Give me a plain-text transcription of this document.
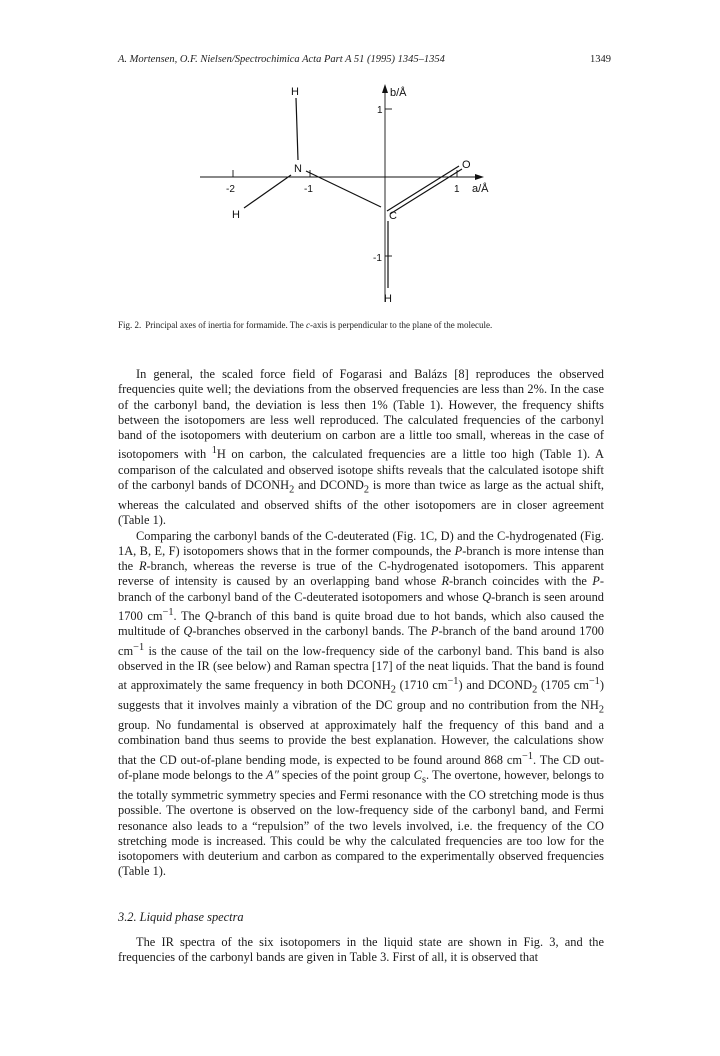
A. Mortensen, O.F. Nielsen/Spectrochimica Acta Part A 51 (1995) 1345–1354	1349
b/Å
1
-1
-2	-1	1 a/Å
H
N	O
H	C
H
Fig. 2. Principal axes of inertia for formamide. The c-axis is perpendicular to the plane of the molecule.

In general, the scaled force field of Fogarasi and Balázs [8] reproduces the observed frequencies quite well; the deviations from the observed frequencies are less than 2%. In the case of the carbonyl band, the deviation is less then 1% (Table 1). However, the frequency shifts between the isotopomers are less well reproduced. The calculated frequencies of the carbonyl band of the isotopomers with deuterium on carbon are a little too small, whereas in the case of isotopomers with $^1$H on carbon, the calculated frequencies are a little too high (Table 1). A comparison of the calculated and observed isotope shifts reveals that the calculated isotope shift of the carbonyl bands of $DCONH_2$ and $DCOND_2$ is more than twice as large as the actual shift, whereas the calculated and observed shifts of the other isotopomers are in closer agreement (Table 1).

Comparing the carbonyl bands of the C-deuterated (Fig. 1C, D) and the C-hydrogenated (Fig. 1A, B, E, F) isotopomers shows that in the former compounds, the P-branch is more intense than the R-branch, whereas the reverse is true of the C-hydrogenated isotopomers. This apparent reverse of intensity is caused by an overlapping band whose R-branch coincides with the P-branch of the carbonyl band of the C-deuterated isotopomers and whose Q-branch is seen around 1700 $cm^{-1}$. The Q-branch of this band is quite broad due to hot bands, which also caused the multitude of Q-branches observed in the carbonyl bands. The P-branch of the band around 1700 $cm^{-1}$ is the cause of the tail on the low-frequency side of the carbonyl band. This band is also observed in the IR (see below) and Raman spectra [17] of the neat liquids. That the band is found at approximately the same frequency in both $DCONH_2$ (1710 $cm^{-1}$) and $DCOND_2$ (1705 $cm^{-1}$) suggests that it involves mainly a vibration of the DC group and no contribution from the $NH_2$ group. No fundamental is observed at approximately half the frequency of this band and a combination band thus seems to provide the best explanation. However, the calculations show that the CD out-of-plane bending mode, is expected to be found around 868 $cm^{-1}$. The CD out-of-plane mode belongs to the A″ species of the point group $C_s$. The overtone, however, belongs to the totally symmetric symmetry species and Fermi resonance with the CO stretching mode is thus possible. The overtone is observed on the low-frequency side of the carbonyl band, and Fermi resonance also leads to a “repulsion” of the two levels involved, i.e. the frequency of the CO stretching mode is increased. This could be why the calculated frequencies are too low for the isotopomers with deuterium and carbon as compared to the experimentally observed frequencies (Table 1).

3.2. Liquid phase spectra

The IR spectra of the six isotopomers in the liquid state are shown in Fig. 3, and the frequencies of the carbonyl bands are given in Table 3. First of all, it is observed that
